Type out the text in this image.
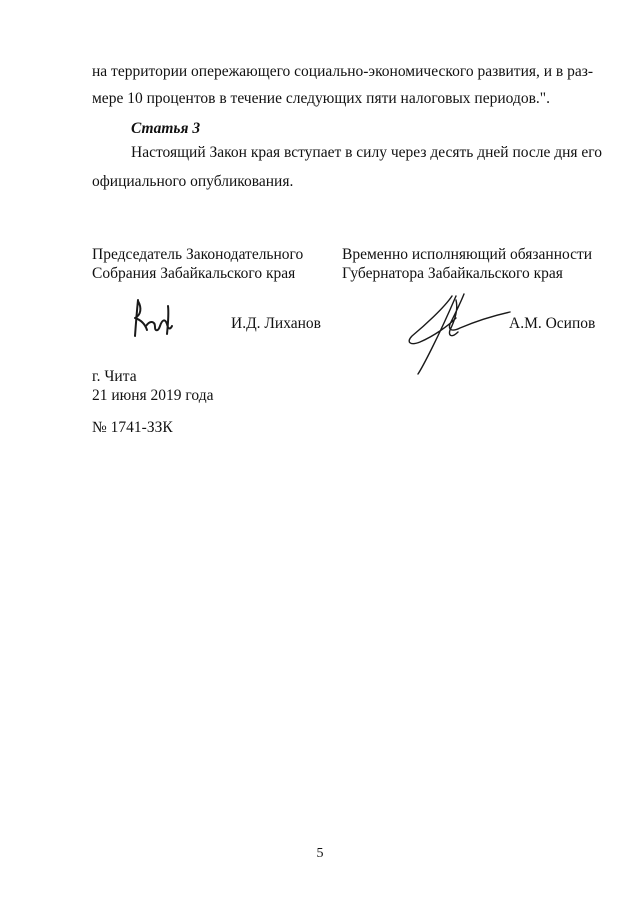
на территории опережающего социально-экономического развития, и в раз-
мере 10 процентов в течение следующих пяти налоговых периодов.".
Статья 3
Настоящий Закон края вступает в силу через десять дней после дня его
официального опубликования.
Председатель Законодательного
Собрания Забайкальского края
Временно исполняющий обязанности
Губернатора Забайкальского края
И.Д. Лиханов	А.М. Осипов
г. Чита
21 июня 2019 года
№ 1741-ЗЗК
5
